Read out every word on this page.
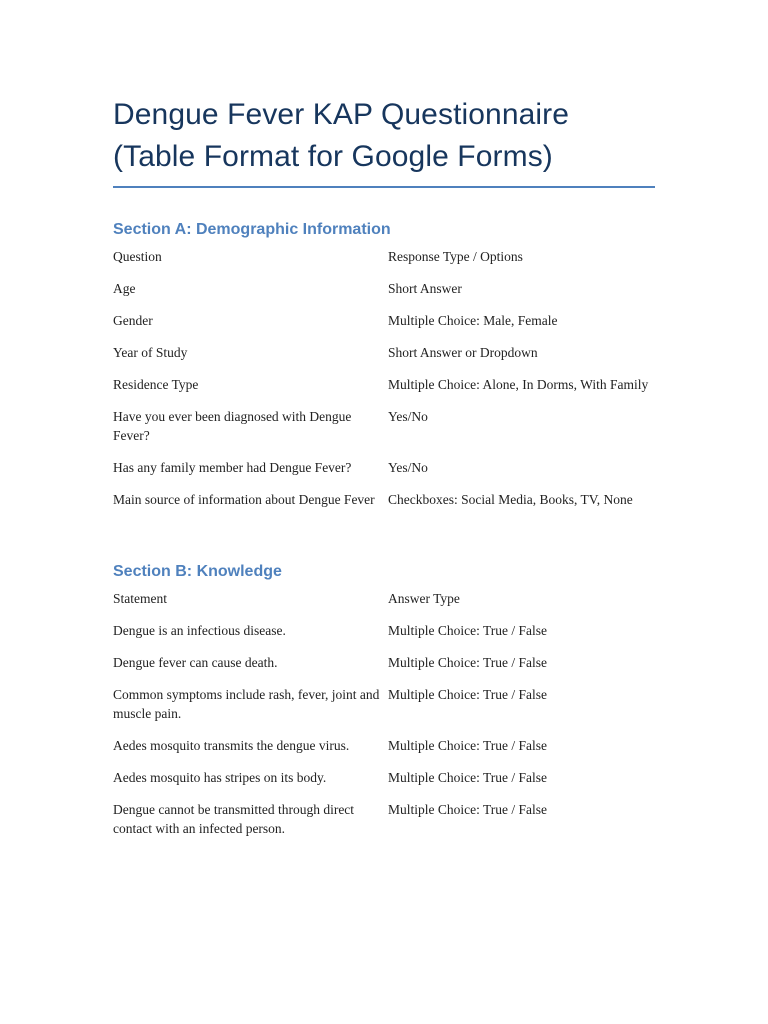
Dengue Fever KAP Questionnaire (Table Format for Google Forms)
Section A: Demographic Information
Question	Response Type / Options
Age	Short Answer
Gender	Multiple Choice: Male, Female
Year of Study	Short Answer or Dropdown
Residence Type	Multiple Choice: Alone, In Dorms, With Family
Have you ever been diagnosed with Dengue Fever?	Yes/No
Has any family member had Dengue Fever?	Yes/No
Main source of information about Dengue Fever	Checkboxes: Social Media, Books, TV, None
Section B: Knowledge
Statement	Answer Type
Dengue is an infectious disease.	Multiple Choice: True / False
Dengue fever can cause death.	Multiple Choice: True / False
Common symptoms include rash, fever, joint and muscle pain.	Multiple Choice: True / False
Aedes mosquito transmits the dengue virus.	Multiple Choice: True / False
Aedes mosquito has stripes on its body.	Multiple Choice: True / False
Dengue cannot be transmitted through direct contact with an infected person.	Multiple Choice: True / False
